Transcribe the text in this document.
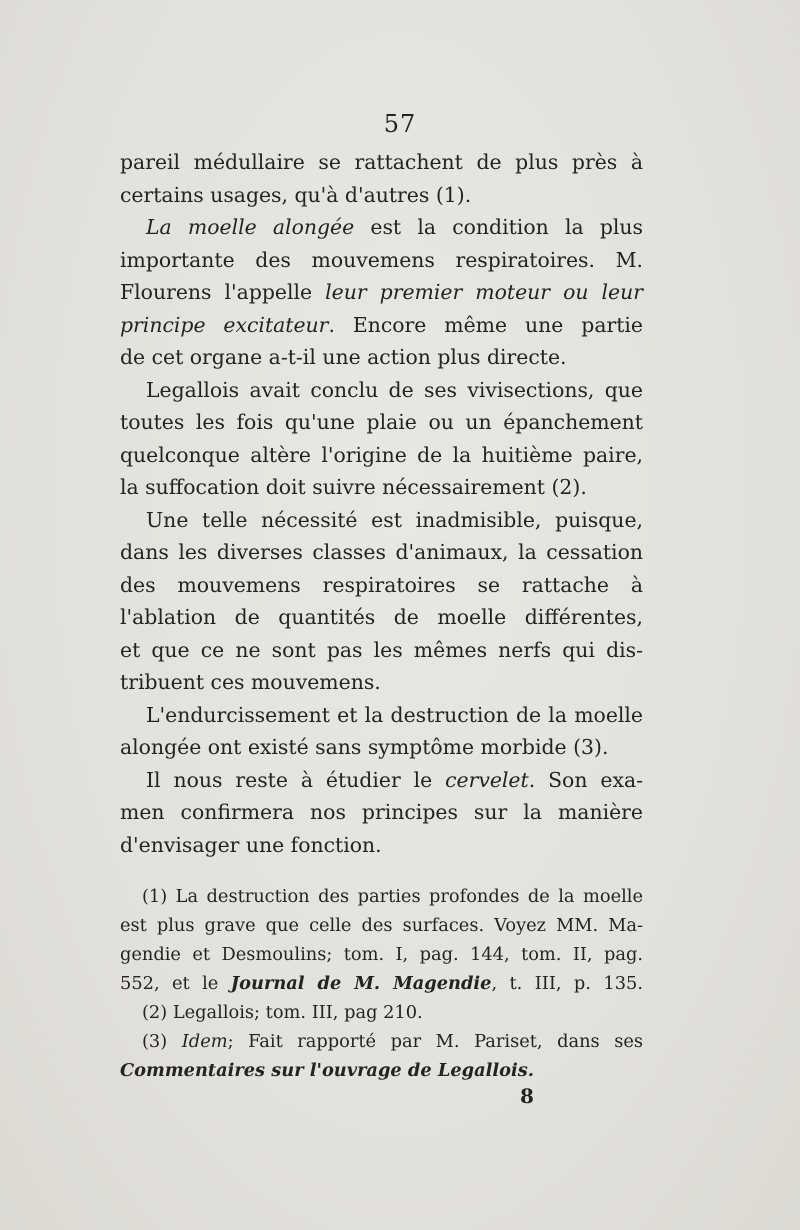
57

pareil médullaire se rattachent de plus près à
certains usages, qu'à d'autres (1).

La moelle alongée est la condition la plus
importante des mouvemens respiratoires. M.
Flourens l'appelle leur premier moteur ou leur
principe excitateur. Encore même une partie
de cet organe a-t-il une action plus directe.

Legallois avait conclu de ses vivisections, que
toutes les fois qu'une plaie ou un épanchement
quelconque altère l'origine de la huitième paire,
la suffocation doit suivre nécessairement (2).

Une telle nécessité est inadmisible, puisque,
dans les diverses classes d'animaux, la cessation
des mouvemens respiratoires se rattache à
l'ablation de quantités de moelle différentes,
et que ce ne sont pas les mêmes nerfs qui dis-
tribuent ces mouvemens.

L'endurcissement et la destruction de la moelle
alongée ont existé sans symptôme morbide (3).

Il nous reste à étudier le cervelet. Son exa-
men confirmera nos principes sur la manière
d'envisager une fonction.

(1) La destruction des parties profondes de la moelle
est plus grave que celle des surfaces. Voyez MM. Ma-
gendie et Desmoulins; tom. I, pag. 144, tom. II, pag.
552, et le Journal de M. Magendie, t. III, p. 135.

(2) Legallois; tom. III, pag 210.

(3) Idem; Fait rapporté par M. Pariset, dans ses
Commentaires sur l'ouvrage de Legallois.

8
